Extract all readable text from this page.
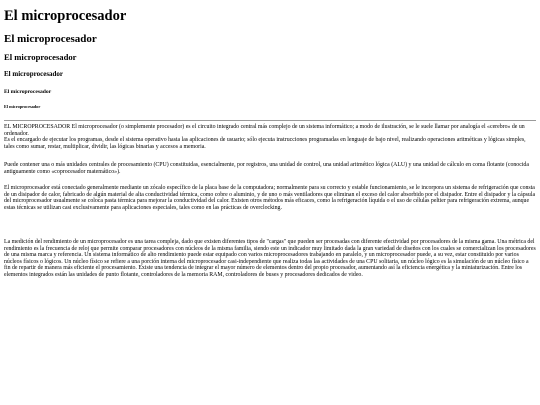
El microprocesador
El microprocesador
El microprocesador
El microprocesador
El microprocesador
El microprocesador

EL MICROPROCESADOR El microprocesador (o simplemente procesador) es el circuito integrado central más complejo de un sistema informático; a modo de ilustración, se le suele llamar por analogía el «cerebro» de un ordenador.

Es el encargado de ejecutar los programas, desde el sistema operativo hasta las aplicaciones de usuario; sólo ejecuta instrucciones programadas en lenguaje de bajo nivel, realizando operaciones aritméticas y lógicas simples, tales como sumar, restar, multiplicar, dividir, las lógicas binarias y accesos a memoria.

Puede contener una o más unidades centrales de procesamiento (CPU) constituidas, esencialmente, por registros, una unidad de control, una unidad aritmético lógica (ALU) y una unidad de cálculo en coma flotante (conocida antiguamente como «coprocesador matemático»).

El microprocesador está conectado generalmente mediante un zócalo específico de la placa base de la computadora; normalmente para su correcto y estable funcionamiento, se le incorpora un sistema de refrigeración que consta de un disipador de calor, fabricado de algún material de alta conductividad térmica, como cobre o aluminio, y de uno o más ventiladores que eliminan el exceso del calor absorbido por el disipador. Entre el disipador y la cápsula del microprocesador usualmente se coloca pasta térmica para mejorar la conductividad del calor. Existen otros métodos más eficaces, como la refrigeración líquida o el uso de células peltier para refrigeración extrema, aunque estas técnicas se utilizan casi exclusivamente para aplicaciones especiales, tales como en las prácticas de overclocking.

La medición del rendimiento de un microprocesador es una tarea compleja, dado que existen diferentes tipos de "cargas" que pueden ser procesadas con diferente efectividad por procesadores de la misma gama. Una métrica del rendimiento es la frecuencia de reloj que permite comparar procesadores con núcleos de la misma familia, siendo este un indicador muy limitado dada la gran variedad de diseños con los cuales se comercializan los procesadores de una misma marca y referencia. Un sistema informático de alto rendimiento puede estar equipado con varios microprocesadores trabajando en paralelo, y un microprocesador puede, a su vez, estar constituido por varios núcleos físicos o lógicos. Un núcleo físico se refiere a una porción interna del microprocesador casi-independiente que realiza todas las actividades de una CPU solitaria, un núcleo lógico es la simulación de un núcleo físico a fin de repartir de manera más eficiente el procesamiento. Existe una tendencia de integrar el mayor número de elementos dentro del propio procesador, aumentando así la eficiencia energética y la miniaturización. Entre los elementos integrados están las unidades de punto flotante, controladores de la memoria RAM, controladores de buses y procesadores dedicados de video.
